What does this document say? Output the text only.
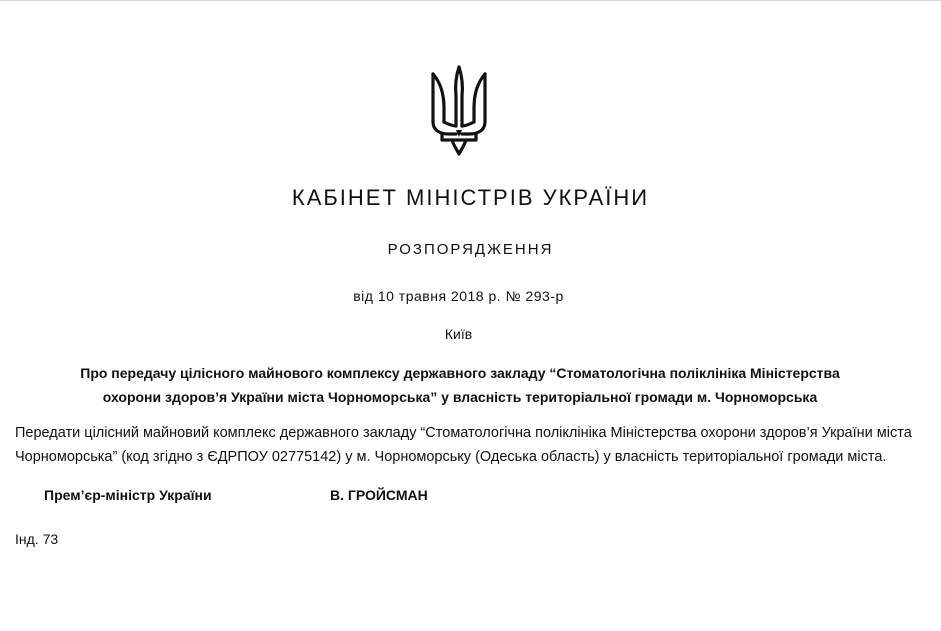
КАБІНЕТ МІНІСТРІВ УКРАЇНИ
РОЗПОРЯДЖЕННЯ
від 10 травня 2018 р. № 293-р
Київ
Про передачу цілісного майнового комплексу державного закладу “Стоматологічна поліклініка Міністерства
охорони здоров’я України міста Чорноморська” у власність територіальної громади м. Чорноморська
Передати цілісний майновий комплекс державного закладу “Стоматологічна поліклініка Міністерства охорони здоров’я України міста
Чорноморська” (код згідно з ЄДРПОУ 02775142) у м. Чорноморську (Одеська область) у власність територіальної громади міста.
Прем’єр-міністр України	В. ГРОЙСМАН
Інд. 73
